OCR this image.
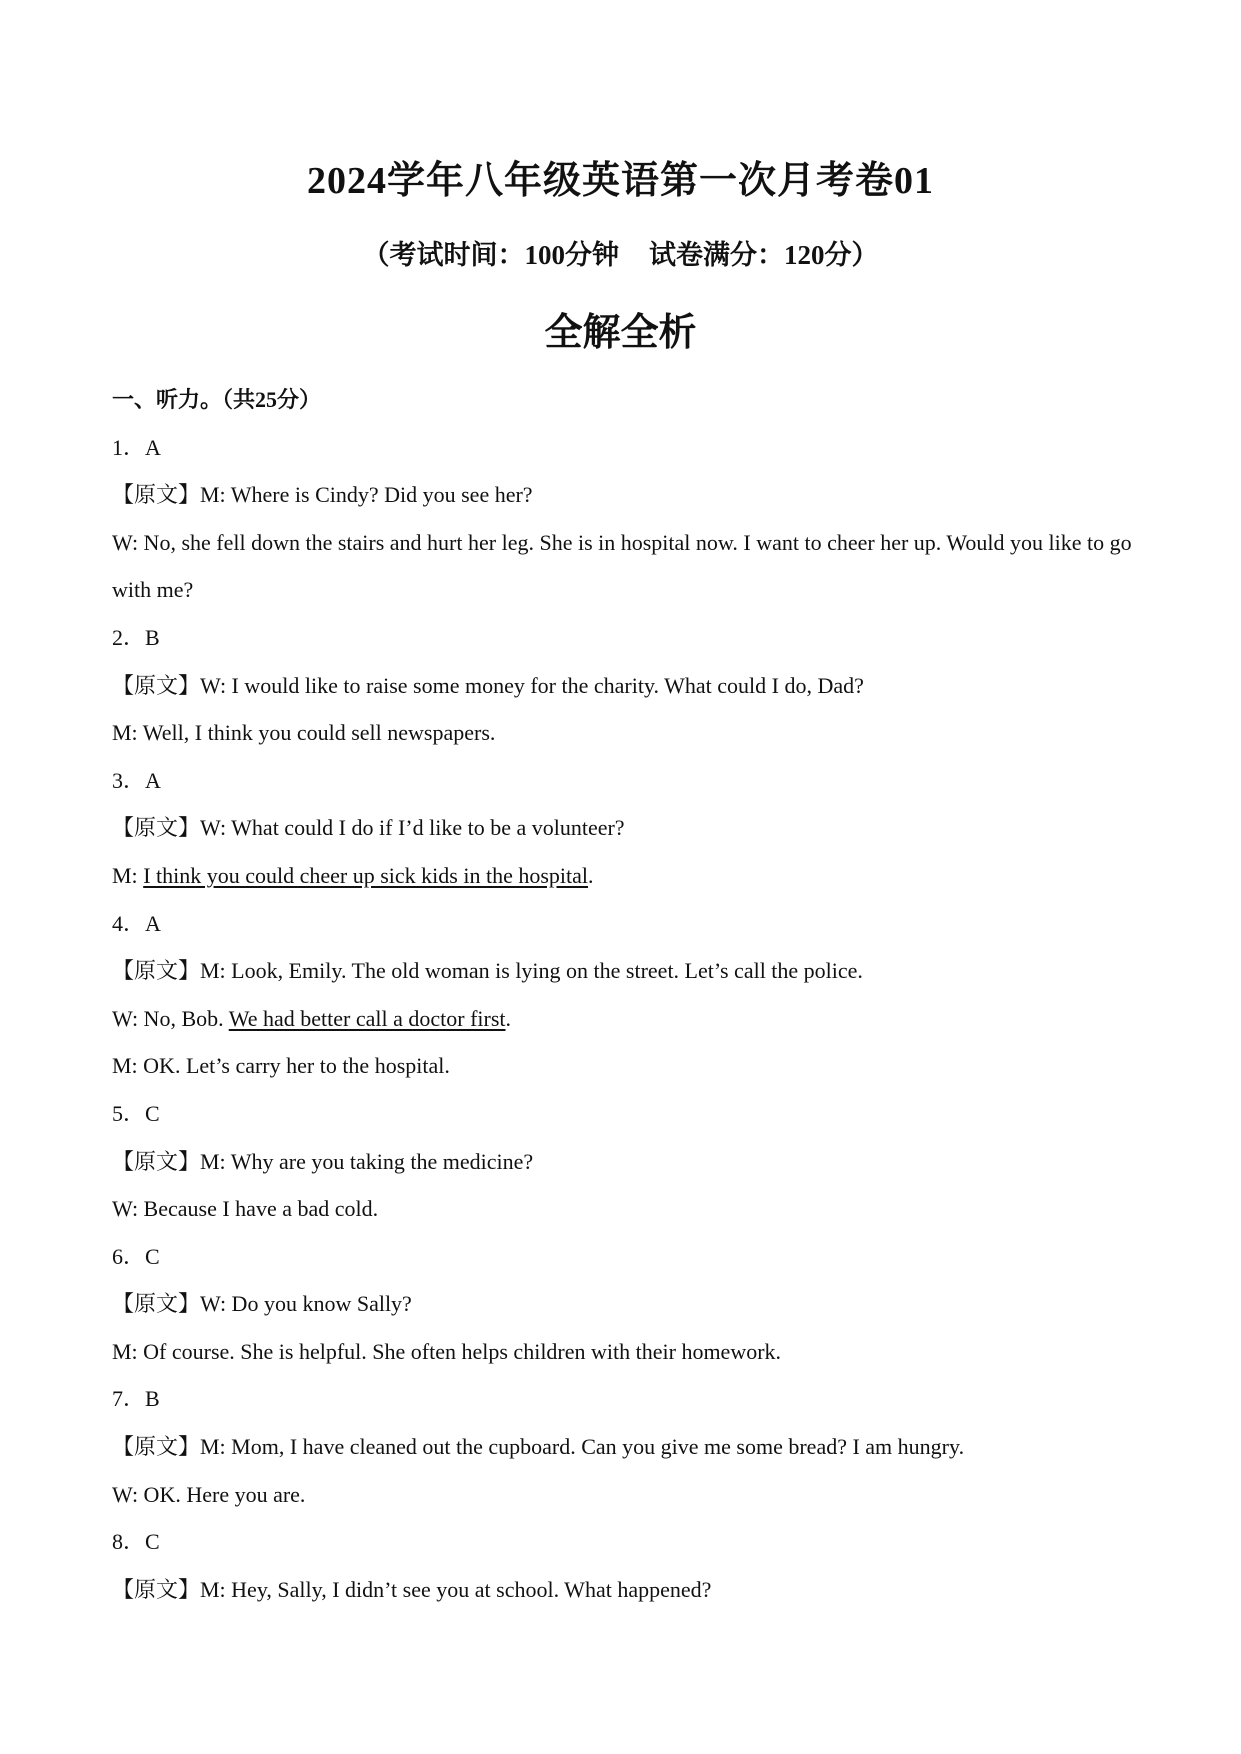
2024学年八年级英语第一次月考卷01
（考试时间：100分钟 试卷满分：120分）
全解全析
一、听力。（共25分）
1．A
【原文】M: Where is Cindy? Did you see her?
W: No, she fell down the stairs and hurt her leg. She is in hospital now. I want to cheer her up. Would you like to go with me?
2．B
【原文】W: I would like to raise some money for the charity. What could I do, Dad?
M: Well, I think you could sell newspapers.
3．A
【原文】W: What could I do if I’d like to be a volunteer?
M: I think you could cheer up sick kids in the hospital.
4．A
【原文】M: Look, Emily. The old woman is lying on the street. Let’s call the police.
W: No, Bob. We had better call a doctor first.
M: OK. Let’s carry her to the hospital.
5．C
【原文】M: Why are you taking the medicine?
W: Because I have a bad cold.
6．C
【原文】W: Do you know Sally?
M: Of course. She is helpful. She often helps children with their homework.
7．B
【原文】M: Mom, I have cleaned out the cupboard. Can you give me some bread? I am hungry.
W: OK. Here you are.
8．C
【原文】M: Hey, Sally, I didn’t see you at school. What happened?
